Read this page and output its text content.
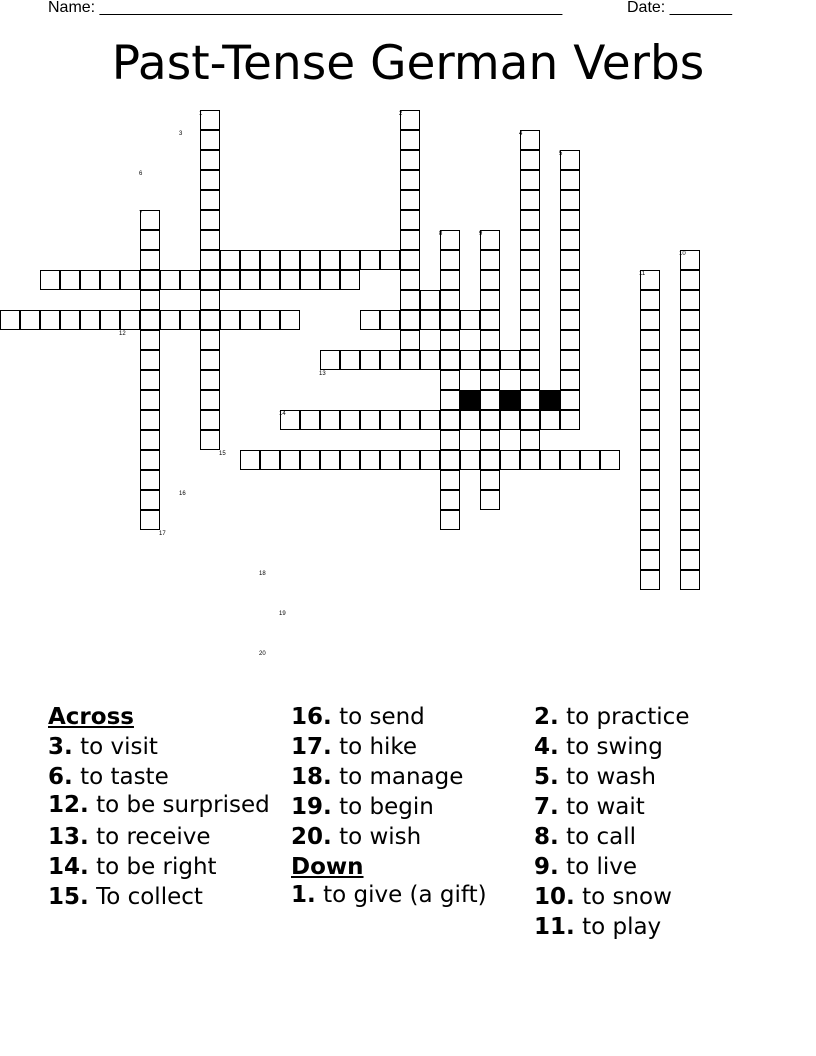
Name: ____________________________________________________	Date: _______
Past-Tense German Verbs
1	2
3	4
5
6
7
8	9
10
11
12
13
14
15
16
17
18
19
20
Across
3. to visit
6. to taste
12. to be surprised
13. to receive
14. to be right
15. To collect
16. to send
17. to hike
18. to manage
19. to begin
20. to wish
Down
1. to give (a gift)
2. to practice
4. to swing
5. to wash
7. to wait
8. to call
9. to live
10. to snow
11. to play
